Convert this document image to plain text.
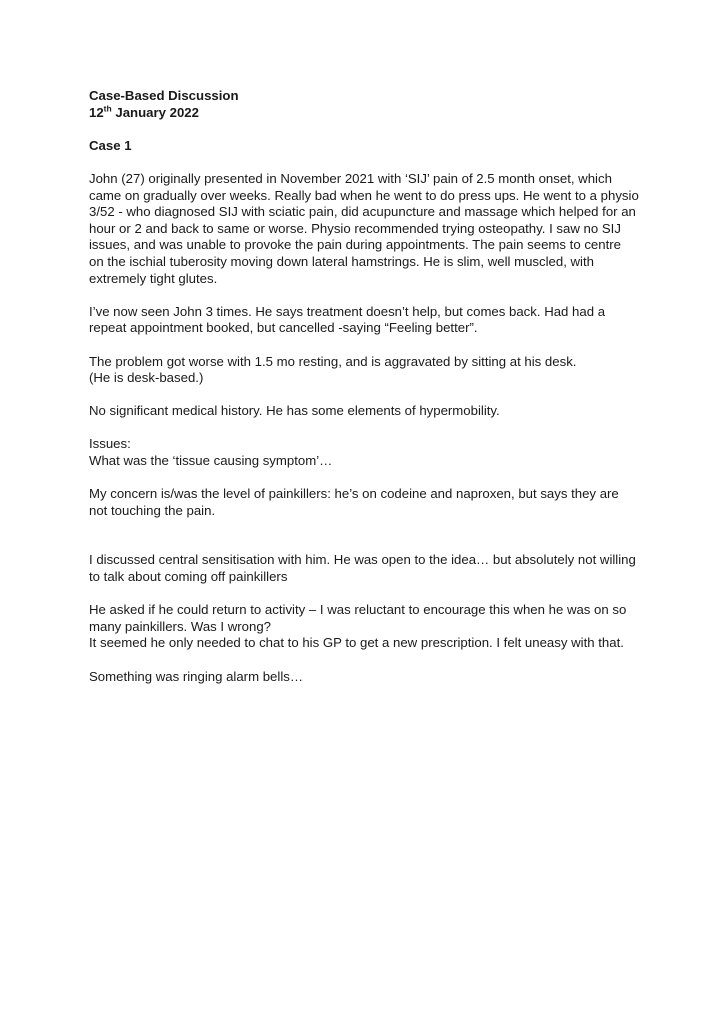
Case-Based Discussion

12th January 2022

Case 1

John (27) originally presented in November 2021 with ‘SIJ’ pain of 2.5 month onset, which came on gradually over weeks. Really bad when he went to do press ups. He went to a physio 3/52 - who diagnosed SIJ with sciatic pain, did acupuncture and massage which helped for an hour or 2 and back to same or worse. Physio recommended trying osteopathy. I saw no SIJ issues, and was unable to provoke the pain during appointments. The pain seems to centre on the ischial tuberosity moving down lateral hamstrings. He is slim, well muscled, with extremely tight glutes.

I’ve now seen John 3 times. He says treatment doesn’t help, but comes back. Had had a repeat appointment booked, but cancelled -saying “Feeling better”.

The problem got worse with 1.5 mo resting, and is aggravated by sitting at his desk.

(He is desk-based.)

No significant medical history. He has some elements of hypermobility.

Issues:

What was the ‘tissue causing symptom’…

My concern is/was the level of painkillers: he’s on codeine and naproxen, but says they are not touching the pain.

I discussed central sensitisation with him. He was open to the idea… but absolutely not willing to talk about coming off painkillers

He asked if he could return to activity – I was reluctant to encourage this when he was on so many painkillers. Was I wrong?

It seemed he only needed to chat to his GP to get a new prescription. I felt uneasy with that.

Something was ringing alarm bells…
